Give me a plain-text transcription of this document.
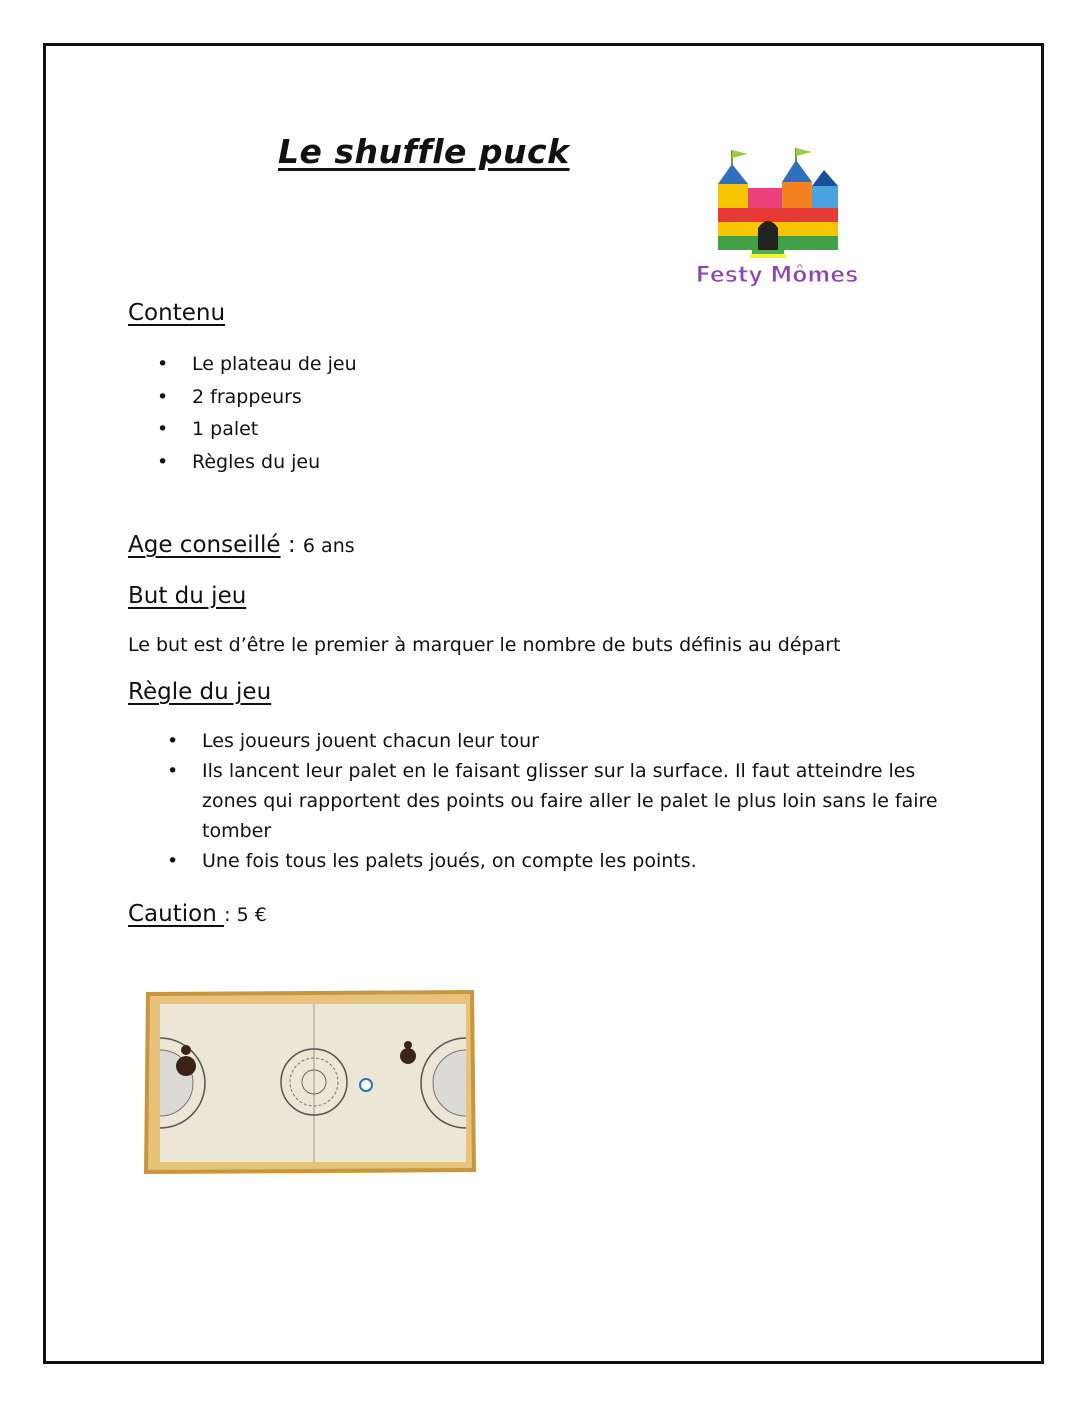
Le shuffle puck
Festy Mômes
Contenu
• Le plateau de jeu
• 2 frappeurs
• 1 palet
• Règles du jeu
Age conseillé : 6 ans
But du jeu
Le but est d’être le premier à marquer le nombre de buts définis au départ
Règle du jeu
• Les joueurs jouent chacun leur tour
• Ils lancent leur palet en le faisant glisser sur la surface. Il faut atteindre les zones qui rapportent des points ou faire aller le palet le plus loin sans le faire tomber
• Une fois tous les palets joués, on compte les points.
Caution : 5 €
